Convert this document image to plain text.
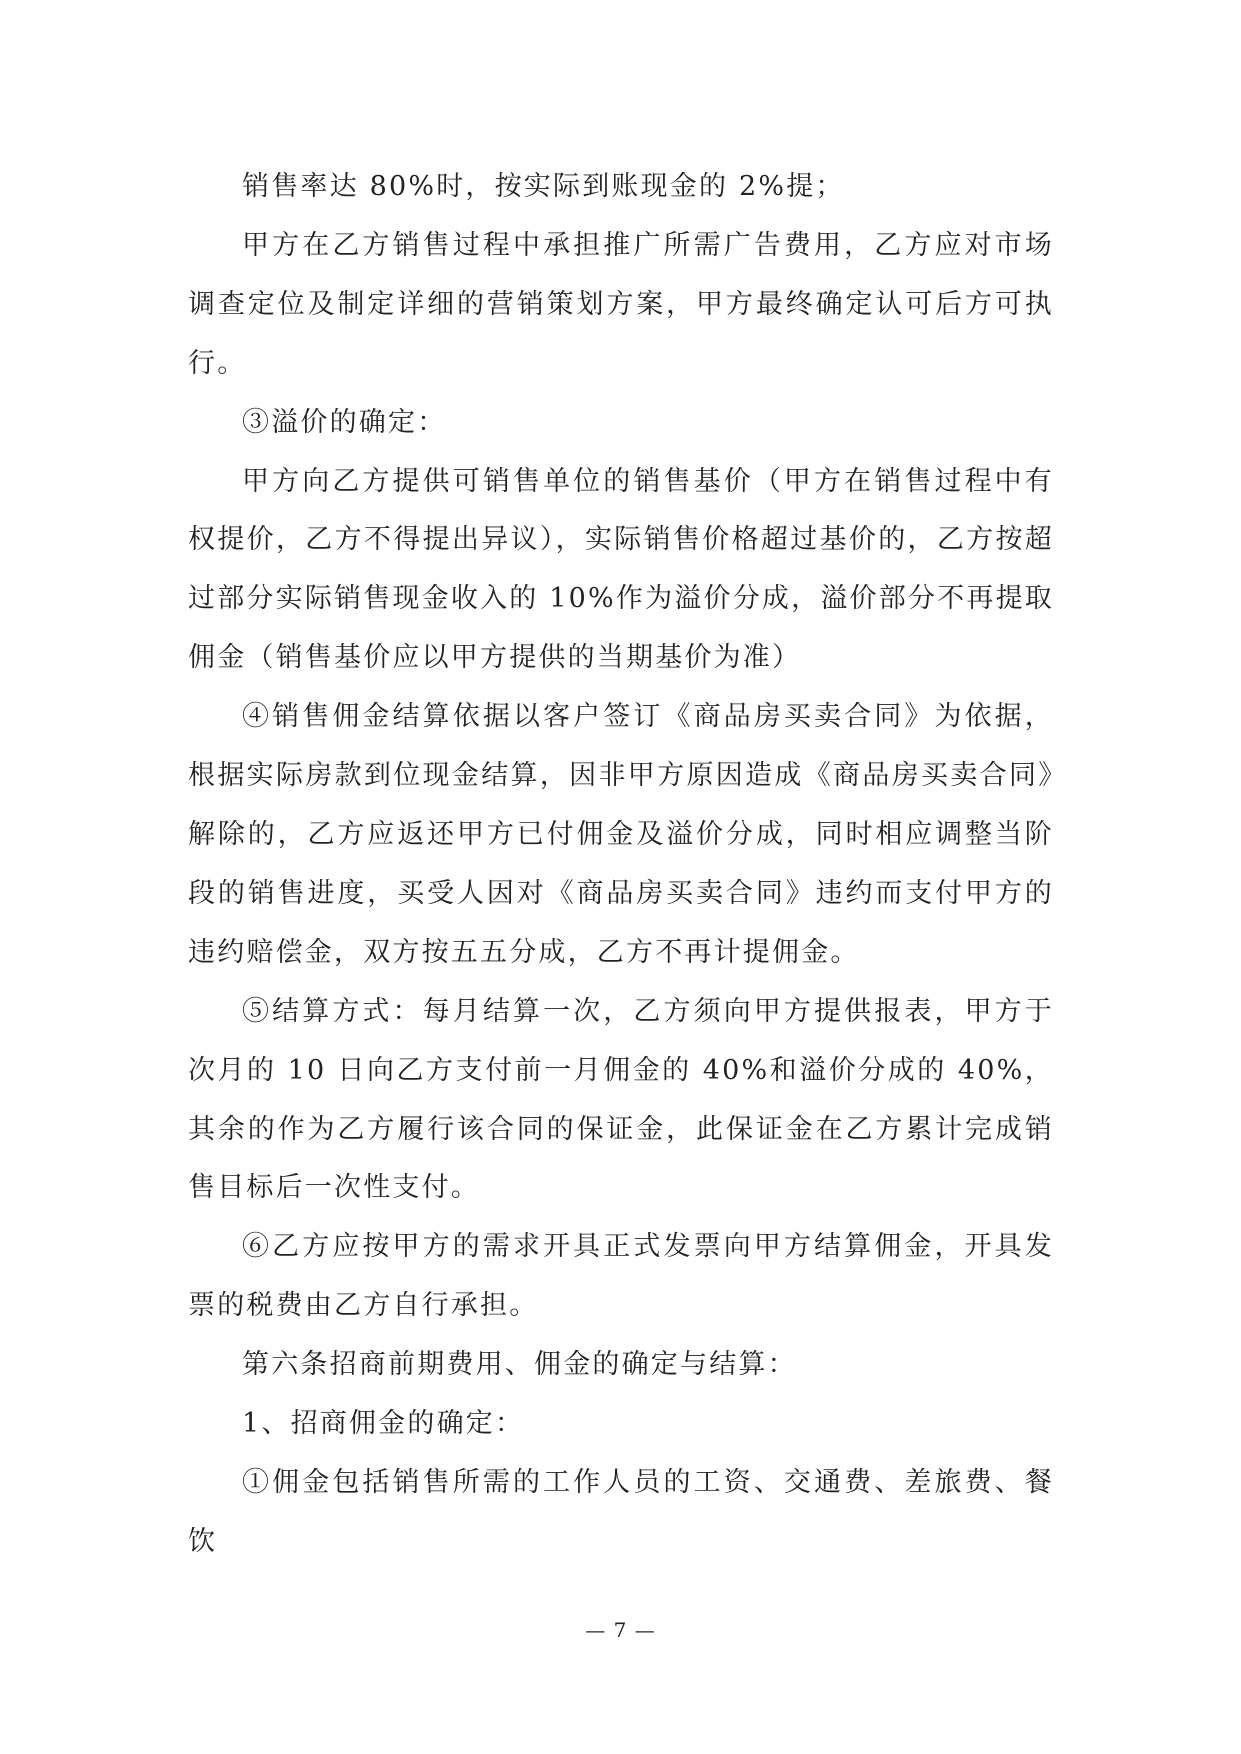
销售率达 80%时，按实际到账现金的 2%提；

甲方在乙方销售过程中承担推广所需广告费用，乙方应对市场调查定位及制定详细的营销策划方案，甲方最终确定认可后方可执行。

③溢价的确定：

甲方向乙方提供可销售单位的销售基价（甲方在销售过程中有权提价，乙方不得提出异议），实际销售价格超过基价的，乙方按超过部分实际销售现金收入的 10%作为溢价分成，溢价部分不再提取佣金（销售基价应以甲方提供的当期基价为准）

④销售佣金结算依据以客户签订《商品房买卖合同》为依据，根据实际房款到位现金结算，因非甲方原因造成《商品房买卖合同》解除的，乙方应返还甲方已付佣金及溢价分成，同时相应调整当阶段的销售进度，买受人因对《商品房买卖合同》违约而支付甲方的违约赔偿金，双方按五五分成，乙方不再计提佣金。

⑤结算方式：每月结算一次，乙方须向甲方提供报表，甲方于次月的 10 日向乙方支付前一月佣金的 40%和溢价分成的 40%，其余的作为乙方履行该合同的保证金，此保证金在乙方累计完成销售目标后一次性支付。

⑥乙方应按甲方的需求开具正式发票向甲方结算佣金，开具发票的税费由乙方自行承担。

第六条招商前期费用、佣金的确定与结算：

1、招商佣金的确定：

①佣金包括销售所需的工作人员的工资、交通费、差旅费、餐饮

— 7 —
